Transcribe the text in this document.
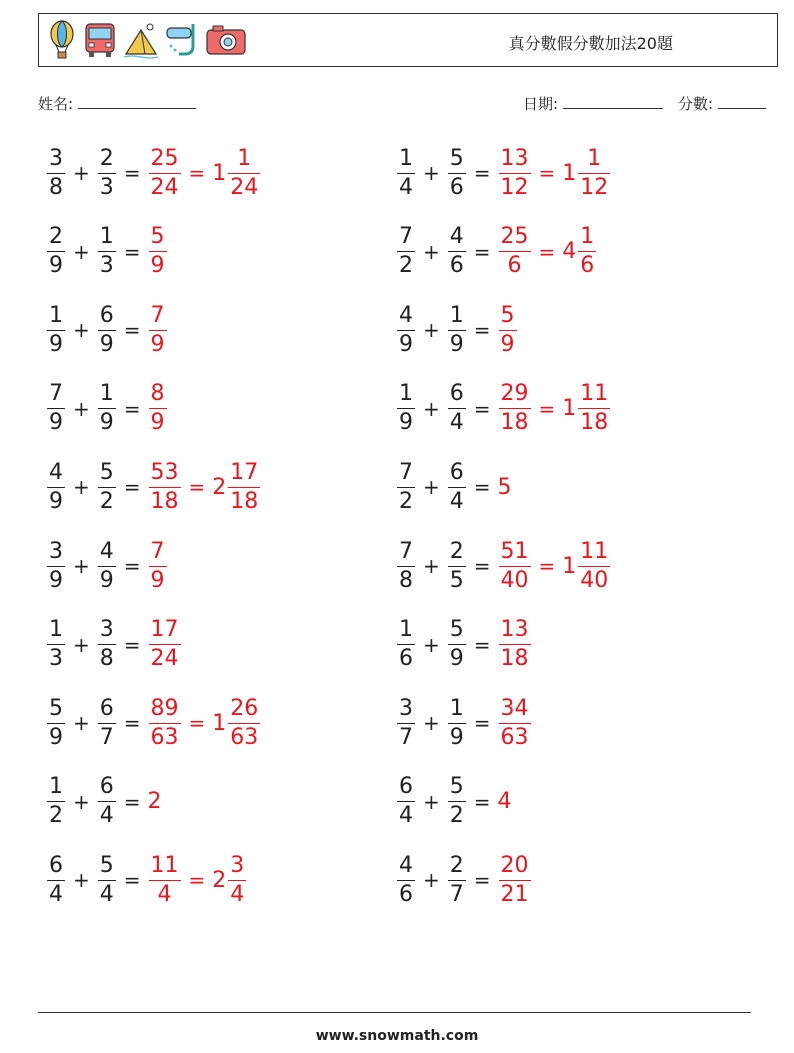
真分數假分數加法20題
姓名:	日期:	分數:
$\frac{3}{8} + \frac{2}{3} = \frac{25}{24} = 1 \frac{1}{24}$	$\frac{1}{4} + \frac{5}{6} = \frac{13}{12} = 1 \frac{1}{12}$
$\frac{2}{9} + \frac{1}{3} = \frac{5}{9}$	$\frac{7}{2} + \frac{4}{6} = \frac{25}{6} = 4 \frac{1}{6}$
$\frac{1}{9} + \frac{6}{9} = \frac{7}{9}$	$\frac{4}{9} + \frac{1}{9} = \frac{5}{9}$
$\frac{7}{9} + \frac{1}{9} = \frac{8}{9}$	$\frac{1}{9} + \frac{6}{4} = \frac{29}{18} = 1 \frac{11}{18}$
$\frac{4}{9} + \frac{5}{2} = \frac{53}{18} = 2 \frac{17}{18}$	$\frac{7}{2} + \frac{6}{4} = 5$
$\frac{3}{9} + \frac{4}{9} = \frac{7}{9}$	$\frac{7}{8} + \frac{2}{5} = \frac{51}{40} = 1 \frac{11}{40}$
$\frac{1}{3} + \frac{3}{8} = \frac{17}{24}$	$\frac{1}{6} + \frac{5}{9} = \frac{13}{18}$
$\frac{5}{9} + \frac{6}{7} = \frac{89}{63} = 1 \frac{26}{63}$	$\frac{3}{7} + \frac{1}{9} = \frac{34}{63}$
$\frac{1}{2} + \frac{6}{4} = 2$	$\frac{6}{4} + \frac{5}{2} = 4$
$\frac{6}{4} + \frac{5}{4} = \frac{11}{4} = 2 \frac{3}{4}$	$\frac{4}{6} + \frac{2}{7} = \frac{20}{21}$
www.snowmath.com
